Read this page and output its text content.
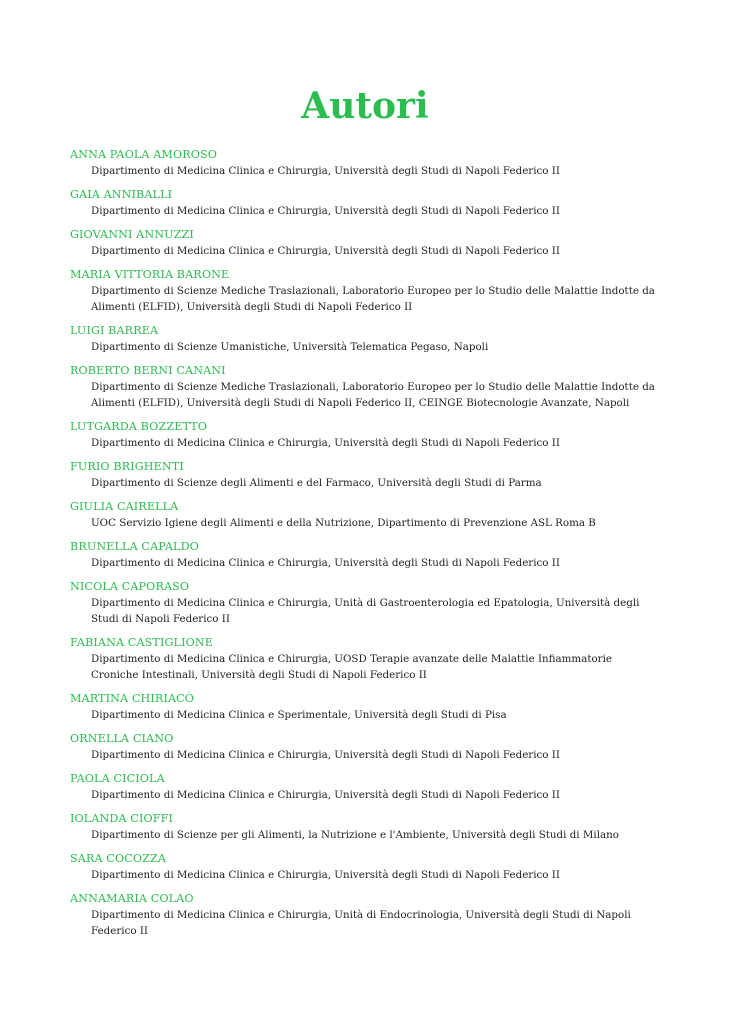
Autori
ANNA PAOLA AMOROSO
Dipartimento di Medicina Clinica e Chirurgia, Università degli Studi di Napoli Federico II
GAIA ANNIBALLI
Dipartimento di Medicina Clinica e Chirurgia, Università degli Studi di Napoli Federico II
GIOVANNI ANNUZZI
Dipartimento di Medicina Clinica e Chirurgia, Università degli Studi di Napoli Federico II
MARIA VITTORIA BARONE
Dipartimento di Scienze Mediche Traslazionali, Laboratorio Europeo per lo Studio delle Malattie Indotte da Alimenti (ELFID), Università degli Studi di Napoli Federico II
LUIGI BARREA
Dipartimento di Scienze Umanistiche, Università Telematica Pegaso, Napoli
ROBERTO BERNI CANANI
Dipartimento di Scienze Mediche Traslazionali, Laboratorio Europeo per lo Studio delle Malattie Indotte da Alimenti (ELFID), Università degli Studi di Napoli Federico II, CEINGE Biotecnologie Avanzate, Napoli
LUTGARDA BOZZETTO
Dipartimento di Medicina Clinica e Chirurgia, Università degli Studi di Napoli Federico II
FURIO BRIGHENTI
Dipartimento di Scienze degli Alimenti e del Farmaco, Università degli Studi di Parma
GIULIA CAIRELLA
UOC Servizio Igiene degli Alimenti e della Nutrizione, Dipartimento di Prevenzione ASL Roma B
BRUNELLA CAPALDO
Dipartimento di Medicina Clinica e Chirurgia, Università degli Studi di Napoli Federico II
NICOLA CAPORASO
Dipartimento di Medicina Clinica e Chirurgia, Unità di Gastroenterologia ed Epatologia, Università degli Studi di Napoli Federico II
FABIANA CASTIGLIONE
Dipartimento di Medicina Clinica e Chirurgia, UOSD Terapie avanzate delle Malattie Infiammatorie Croniche Intestinali, Università degli Studi di Napoli Federico II
MARTINA CHIRIACÒ
Dipartimento di Medicina Clinica e Sperimentale, Università degli Studi di Pisa
ORNELLA CIANO
Dipartimento di Medicina Clinica e Chirurgia, Università degli Studi di Napoli Federico II
PAOLA CICIOLA
Dipartimento di Medicina Clinica e Chirurgia, Università degli Studi di Napoli Federico II
IOLANDA CIOFFI
Dipartimento di Scienze per gli Alimenti, la Nutrizione e l'Ambiente, Università degli Studi di Milano
SARA COCOZZA
Dipartimento di Medicina Clinica e Chirurgia, Università degli Studi di Napoli Federico II
ANNAMARIA COLAO
Dipartimento di Medicina Clinica e Chirurgia, Unità di Endocrinologia, Università degli Studi di Napoli Federico II
